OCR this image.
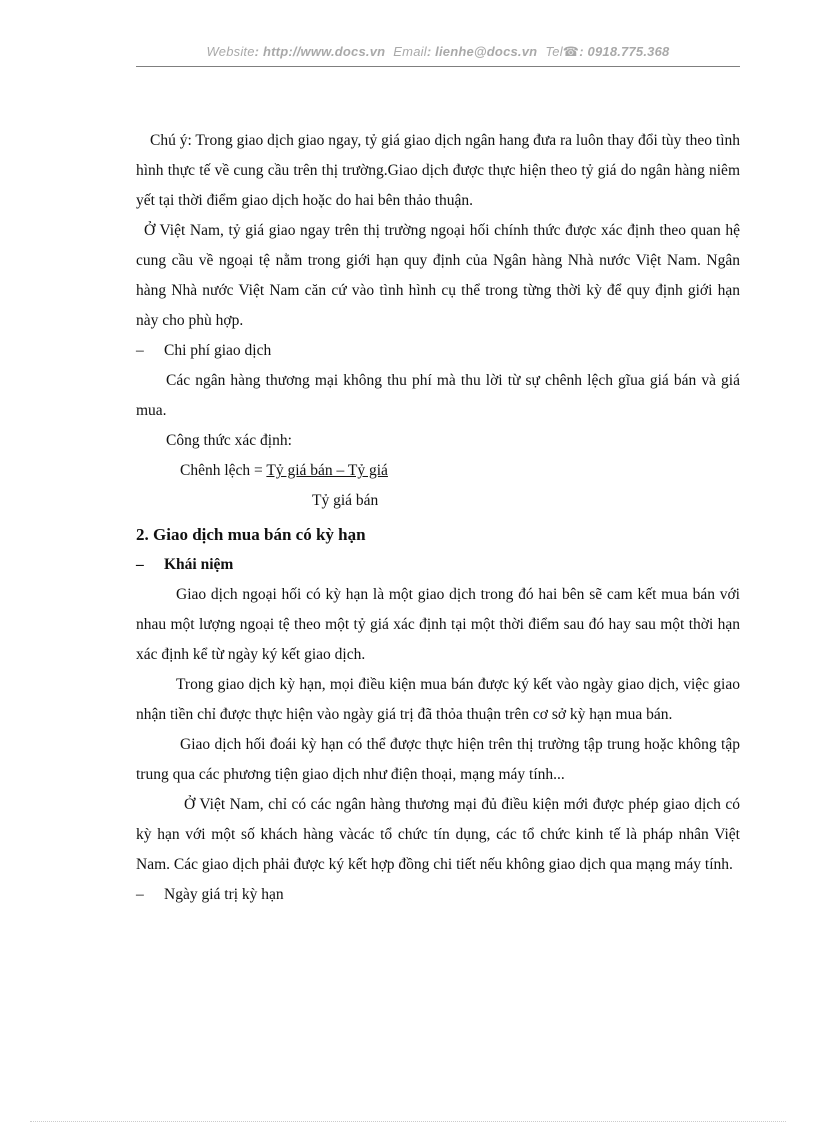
Website: http://www.docs.vn Email: lienhe@docs.vn Tel☎: 0918.775.368

Chú ý: Trong giao dịch giao ngay, tỷ giá giao dịch ngân hang đưa ra luôn thay đổi tùy theo tình hình thực tế về cung cầu trên thị trường.Giao dịch được thực hiện theo tỷ giá do ngân hàng niêm yết tại thời điểm giao dịch hoặc do hai bên thảo thuận.

Ở Việt Nam, tỷ giá giao ngay trên thị trường ngoại hối chính thức được xác định theo quan hệ cung cầu về ngoại tệ nằm trong giới hạn quy định của Ngân hàng Nhà nước Việt Nam. Ngân hàng Nhà nước Việt Nam căn cứ vào tình hình cụ thể trong từng thời kỳ để quy định giới hạn này cho phù hợp.

–	Chi phí giao dịch

Các ngân hàng thương mại không thu phí mà thu lời từ sự chênh lệch gĩua giá bán và giá mua.

Công thức xác định:

Chênh lệch = Tỷ giá bán – Tỷ giá
Tỷ giá bán
2. Giao dịch mua bán có kỳ hạn
–	Khái niệm

Giao dịch ngoại hối có kỳ hạn là một giao dịch trong đó hai bên sẽ cam kết mua bán với nhau một lượng ngoại tệ theo một tỷ giá xác định tại một thời điểm sau đó hay sau một thời hạn xác định kể từ ngày ký kết giao dịch.

Trong giao dịch kỳ hạn, mọi điều kiện mua bán được ký kết vào ngày giao dịch, việc giao nhận tiền chỉ được thực hiện vào ngày giá trị đã thỏa thuận trên cơ sở kỳ hạn mua bán.

Giao dịch hối đoái kỳ hạn có thể được thực hiện trên thị trường tập trung hoặc không tập trung qua các phương tiện giao dịch như điện thoại, mạng máy tính...

Ở Việt Nam, chỉ có các ngân hàng thương mại đủ điều kiện mới được phép giao dịch có kỳ hạn với một số khách hàng vàcác tổ chức tín dụng, các tổ chức kinh tế là pháp nhân Việt Nam. Các giao dịch phải được ký kết hợp đồng chi tiết nếu không giao dịch qua mạng máy tính.

–	Ngày giá trị kỳ hạn
